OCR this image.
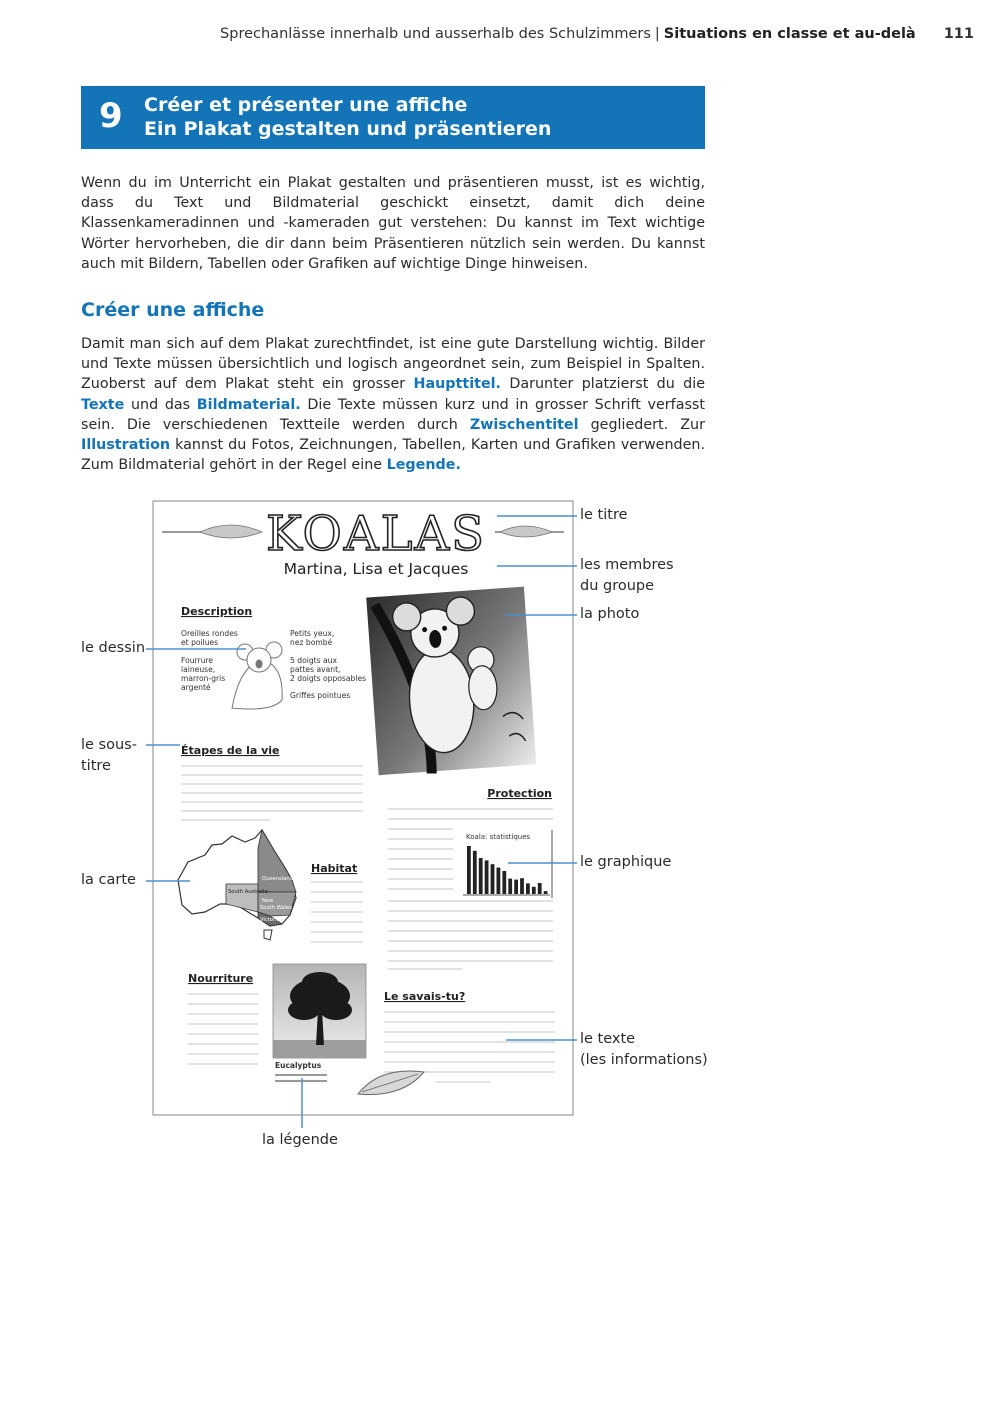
Sprechanlässe innerhalb und ausserhalb des Schulzimmers | Situations en classe et au-delà 111
9 Créer et présenter une affiche
Ein Plakat gestalten und präsentieren
Wenn du im Unterricht ein Plakat gestalten und präsentieren musst, ist es wichtig, dass du Text und Bildmaterial geschickt einsetzt, damit dich deine Klassenkameradinnen und -kameraden gut verstehen: Du kannst im Text wichtige Wörter hervorheben, die dir dann beim Präsentieren nützlich sein werden. Du kannst auch mit Bildern, Tabellen oder Grafiken auf wichtige Dinge hinweisen.
Créer une affiche
Damit man sich auf dem Plakat zurechtfindet, ist eine gute Darstellung wichtig. Bilder und Texte müssen übersichtlich und logisch angeordnet sein, zum Beispiel in Spalten. Zuoberst auf dem Plakat steht ein grosser Haupttitel. Darunter platzierst du die Texte und das Bildmaterial. Die Texte müssen kurz und in grosser Schrift verfasst sein. Die verschiedenen Textteile werden durch Zwischentitel gegliedert. Zur Illustration kannst du Fotos, Zeichnungen, Tabellen, Karten und Grafiken verwenden. Zum Bildmaterial gehört in der Regel eine Legende.
KOALAS
Martina, Lisa et Jacques
Description
Oreilles rondes
et poilues
Fourrure
laineuse,
marron-gris
argenté
Petits yeux,
nez bombé
5 doigts aux
pattes avant,
2 doigts opposables
Griffes pointues
Étapes de la vie
Protection
Koala: statistiques
Habitat
Queensland
South Australia
New
South Wales
Victoria
Nourriture
Eucalyptus
Le savais-tu?
le titre
les membres
du groupe
la photo
le dessin
le sous-
titre
la carte
le graphique
le texte
(les informations)
la légende
